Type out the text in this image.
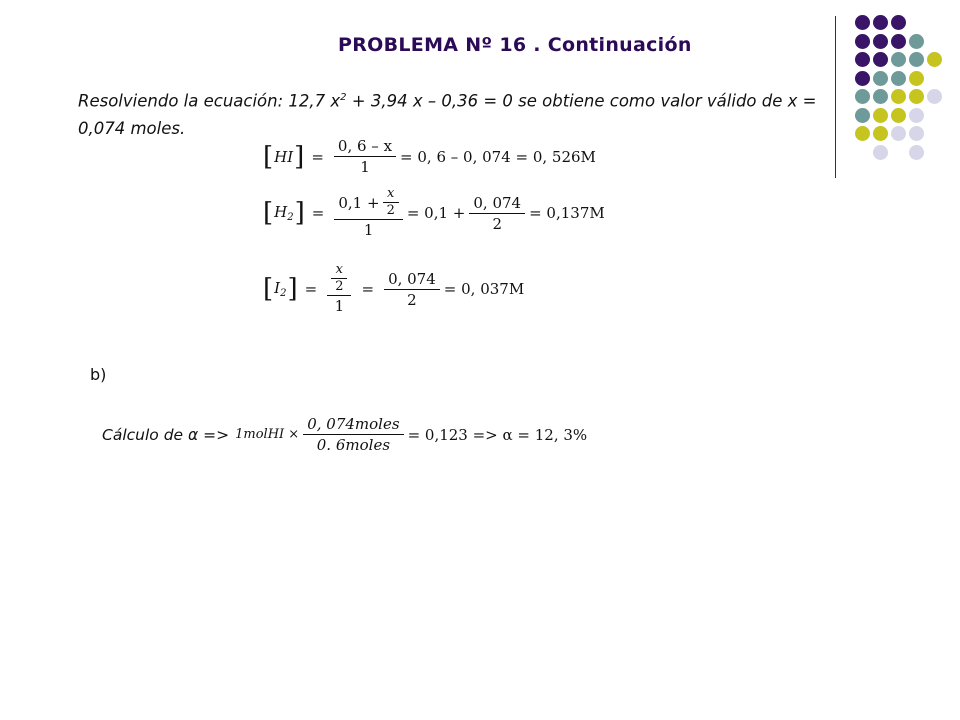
PROBLEMA Nº 16 . Continuación
Resolviendo la ecuación: 12,7 $x^2 + 3,94$ x – 0,36 = 0 se obtiene como valor válido de x = 0,074 moles.
[ HI ] = $\frac{0, 6 - x}{1} = 0$, 6 – 0, 074 = 0, 526M
[ $H_2$ ] = $\frac{0,1 + \frac{x}{2}}{1} = 0,1 + \frac{0, 074}{2} = 0,137M$
[ $I_2$ ] = $\frac{\frac{x}{2}}{1} = \frac{0, 074}{2} = 0$, 037M
b)
Cálculo de α => 1molHI × $\frac{\text{0, 074moles}}{\text{0. 6moles}} = 0,123 => \alpha = 12$, 3%
